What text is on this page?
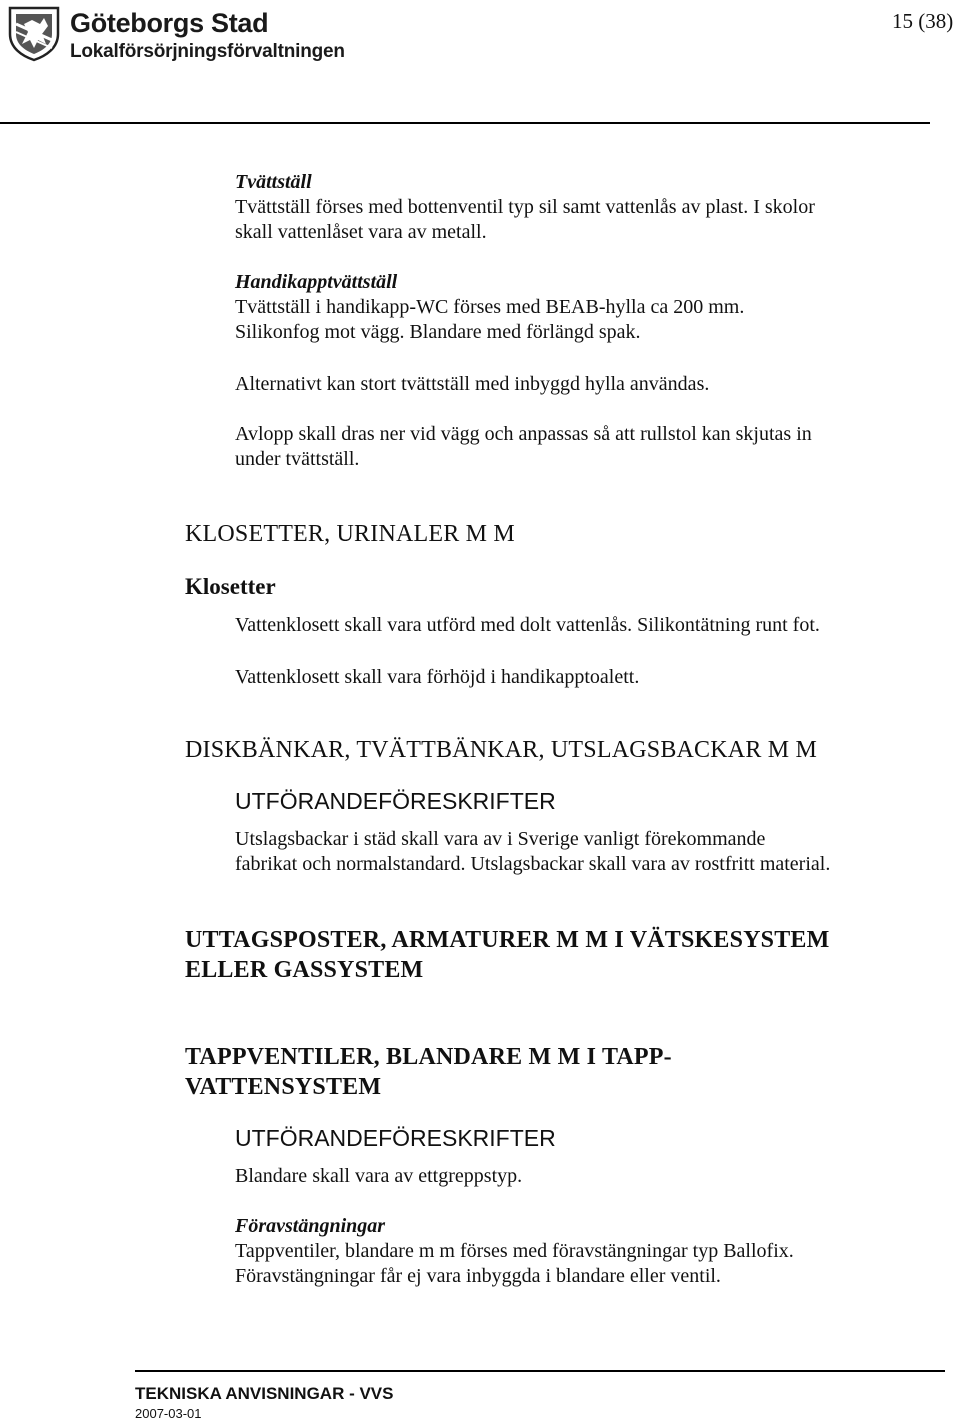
Göteborgs Stad
Lokalförsörjningsförvaltningen
15 (38)
Tvättställ
Tvättställ förses med bottenventil typ sil samt vattenlås av plast. I skolor
skall vattenlåset vara av metall.
Handikapptvättställ
Tvättställ i handikapp-WC förses med BEAB-hylla ca 200 mm.
Silikonfog mot vägg. Blandare med förlängd spak.
Alternativt kan stort tvättställ med inbyggd hylla användas.
Avlopp skall dras ner vid vägg och anpassas så att rullstol kan skjutas in
under tvättställ.
KLOSETTER, URINALER M M
Klosetter
Vattenklosett skall vara utförd med dolt vattenlås. Silikontätning runt fot.
Vattenklosett skall vara förhöjd i handikapptoalett.
DISKBÄNKAR, TVÄTTBÄNKAR, UTSLAGSBACKAR M M
UTFÖRANDEFÖRESKRIFTER
Utslagsbackar i städ skall vara av i Sverige vanligt förekommande
fabrikat och normalstandard. Utslagsbackar skall vara av rostfritt material.
UTTAGSPOSTER, ARMATURER M M I VÄTSKESYSTEM
ELLER GASSYSTEM
TAPPVENTILER, BLANDARE M M I TAPP-
VATTENSYSTEM
UTFÖRANDEFÖRESKRIFTER
Blandare skall vara av ettgreppstyp.
Föravstängningar
Tappventiler, blandare m m förses med föravstängningar typ Ballofix.
Föravstängningar får ej vara inbyggda i blandare eller ventil.
TEKNISKA ANVISNINGAR - VVS
2007-03-01
